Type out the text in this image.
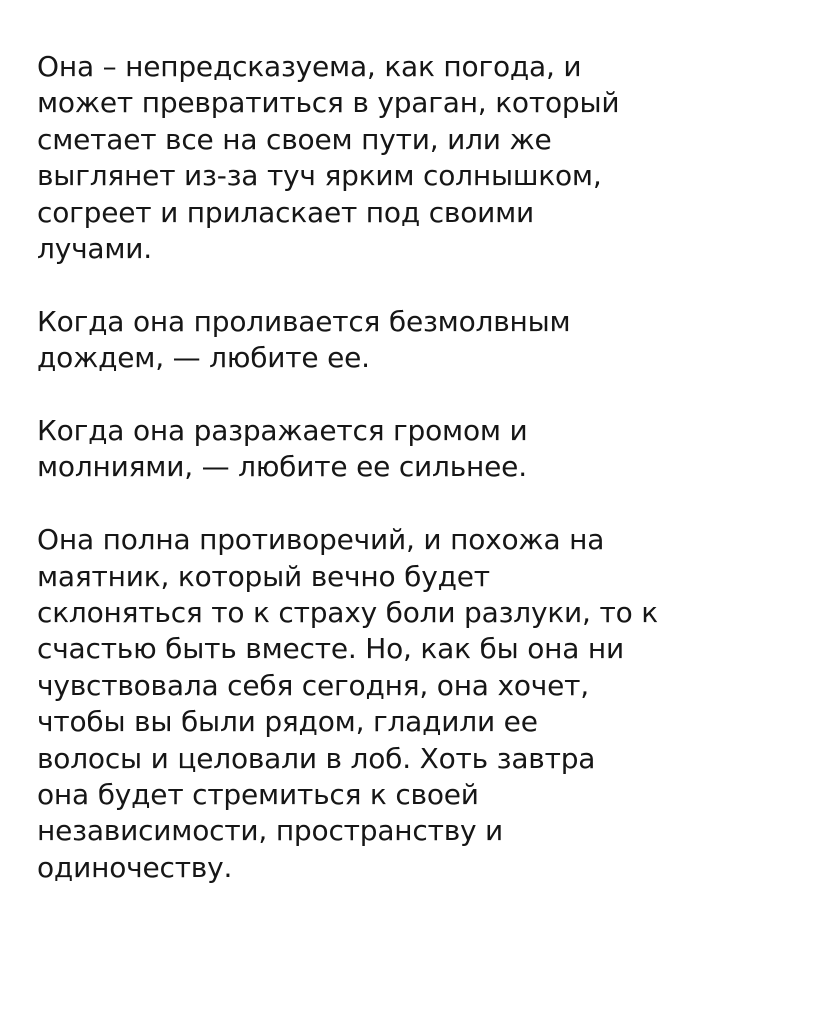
Она – непредсказуема, как погода, и
может превратиться в ураган, который
сметает все на своем пути, или же
выглянет из-за туч ярким солнышком,
согреет и приласкает под своими
лучами.

Когда она проливается безмолвным
дождем, — любите ее.

Когда она разражается громом и
молниями, — любите ее сильнее.

Она полна противоречий, и похожа на
маятник, который вечно будет
склоняться то к страху боли разлуки, то к
счастью быть вместе. Но, как бы она ни
чувствовала себя сегодня, она хочет,
чтобы вы были рядом, гладили ее
волосы и целовали в лоб. Хоть завтра
она будет стремиться к своей
независимости, пространству и
одиночеству.
